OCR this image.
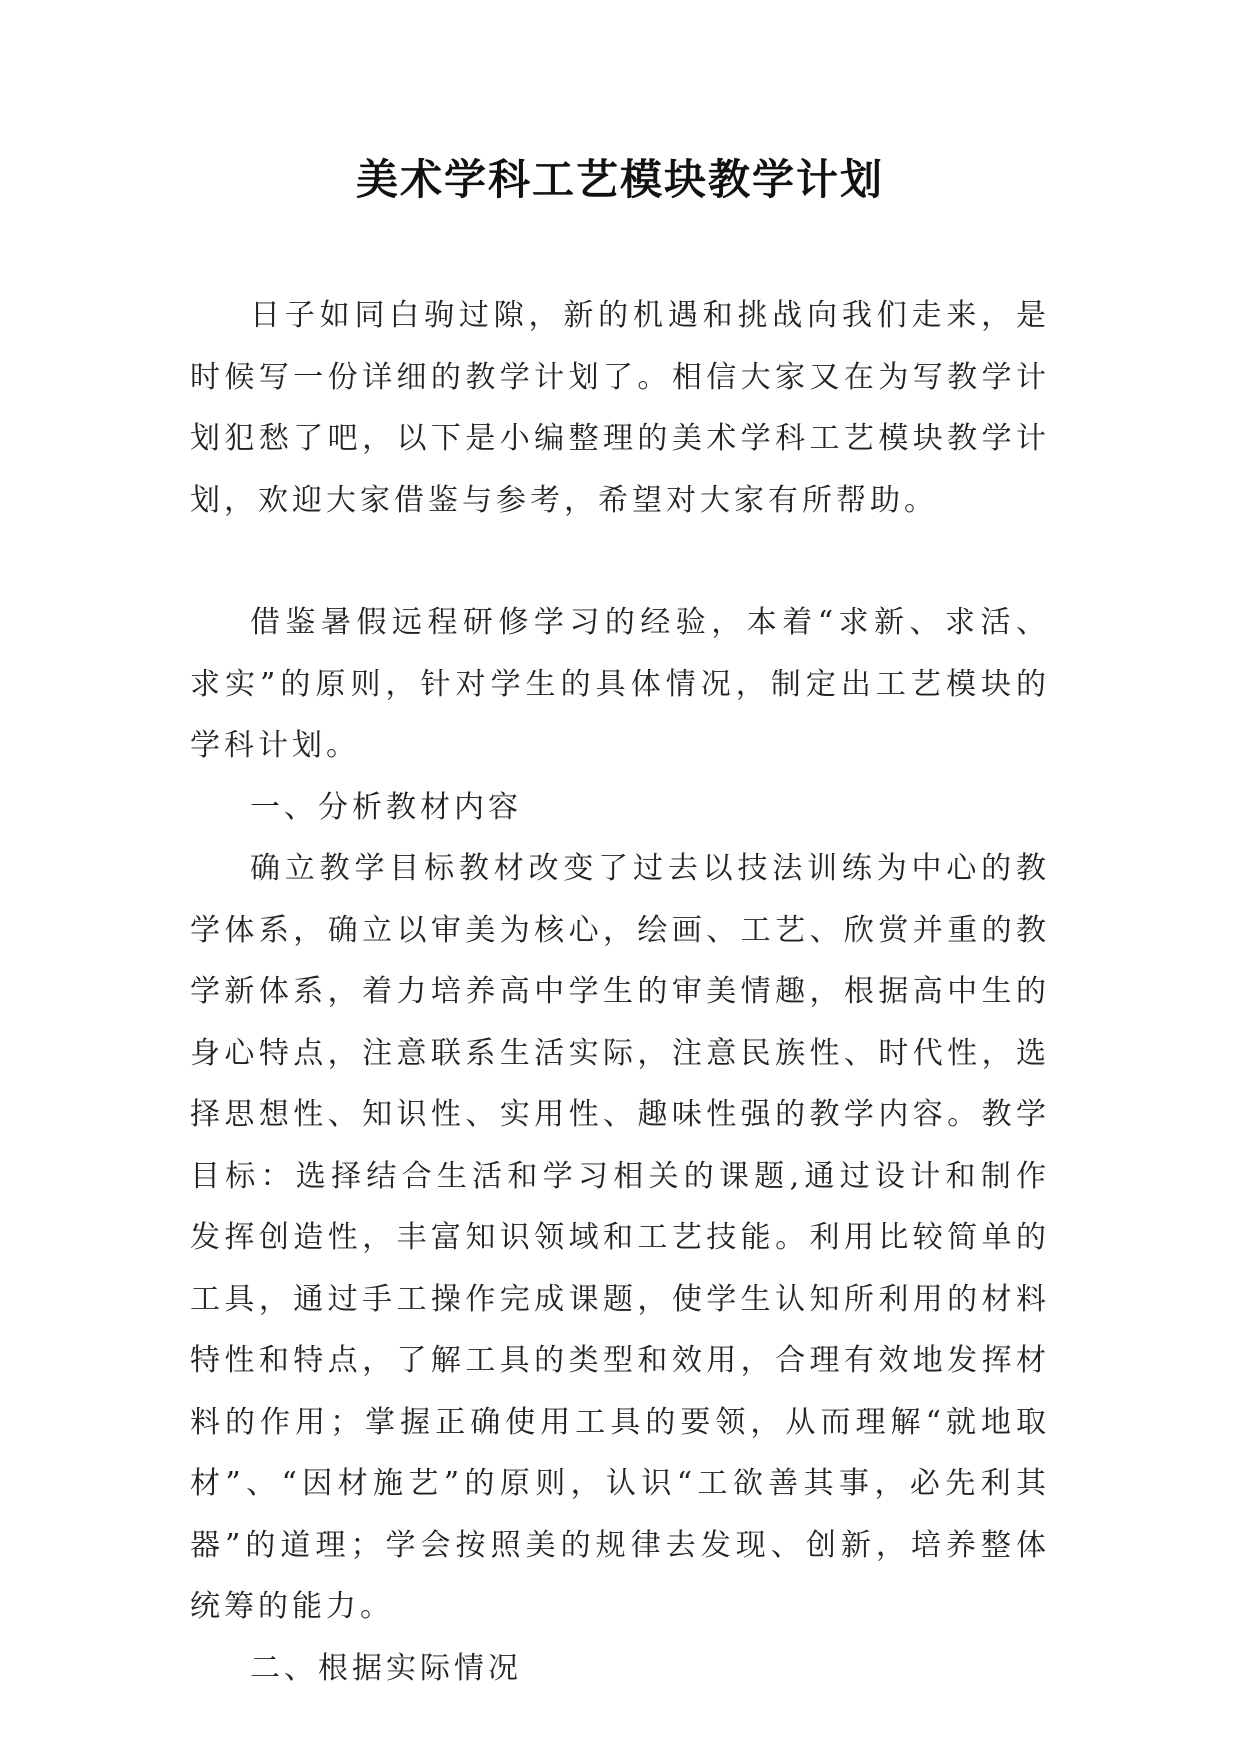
美术学科工艺模块教学计划

日子如同白驹过隙，新的机遇和挑战向我们走来，是时候写一份详细的教学计划了。相信大家又在为写教学计划犯愁了吧，以下是小编整理的美术学科工艺模块教学计划，欢迎大家借鉴与参考，希望对大家有所帮助。

借鉴暑假远程研修学习的经验，本着“求新、求活、求实”的原则，针对学生的具体情况，制定出工艺模块的学科计划。

一、分析教材内容

确立教学目标教材改变了过去以技法训练为中心的教学体系，确立以审美为核心，绘画、工艺、欣赏并重的教学新体系，着力培养高中学生的审美情趣，根据高中生的身心特点，注意联系生活实际，注意民族性、时代性，选择思想性、知识性、实用性、趣味性强的教学内容。教学目标：选择结合生活和学习相关的课题,通过设计和制作发挥创造性，丰富知识领域和工艺技能。利用比较简单的工具，通过手工操作完成课题，使学生认知所利用的材料特性和特点，了解工具的类型和效用，合理有效地发挥材料的作用；掌握正确使用工具的要领，从而理解“就地取材”、“因材施艺”的原则，认识“工欲善其事，必先利其器”的道理；学会按照美的规律去发现、创新，培养整体统筹的能力。

二、根据实际情况
